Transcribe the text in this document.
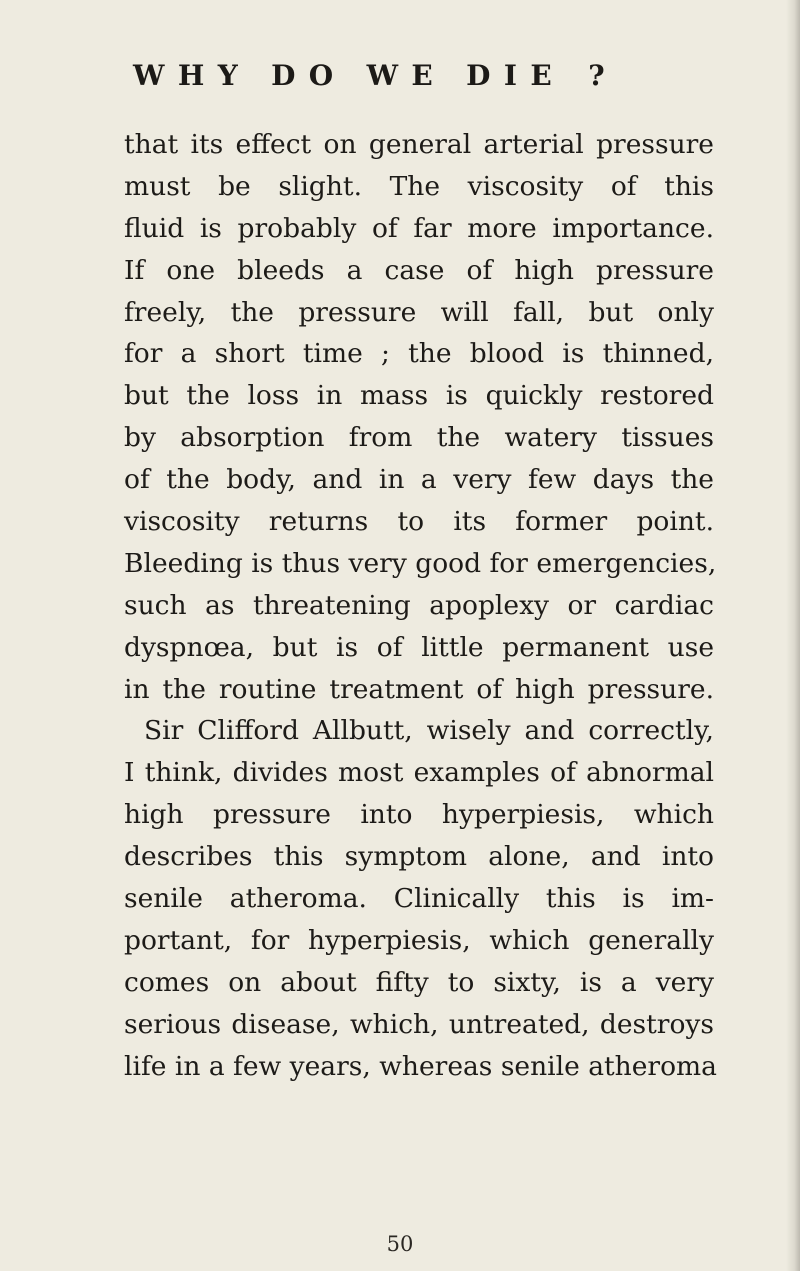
WHY DO WE DIE ?
that its effect on general arterial pressure
must be slight. The viscosity of this
fluid is probably of far more importance.
If one bleeds a case of high pressure
freely, the pressure will fall, but only
for a short time ; the blood is thinned,
but the loss in mass is quickly restored
by absorption from the watery tissues
of the body, and in a very few days the
viscosity returns to its former point.
Bleeding is thus very good for emergencies,
such as threatening apoplexy or cardiac
dyspnœa, but is of little permanent use
in the routine treatment of high pressure.
Sir Clifford Allbutt, wisely and correctly,
I think, divides most examples of abnormal
high pressure into hyperpiesis, which
describes this symptom alone, and into
senile atheroma. Clinically this is im-
portant, for hyperpiesis, which generally
comes on about fifty to sixty, is a very
serious disease, which, untreated, destroys
life in a few years, whereas senile atheroma
50
